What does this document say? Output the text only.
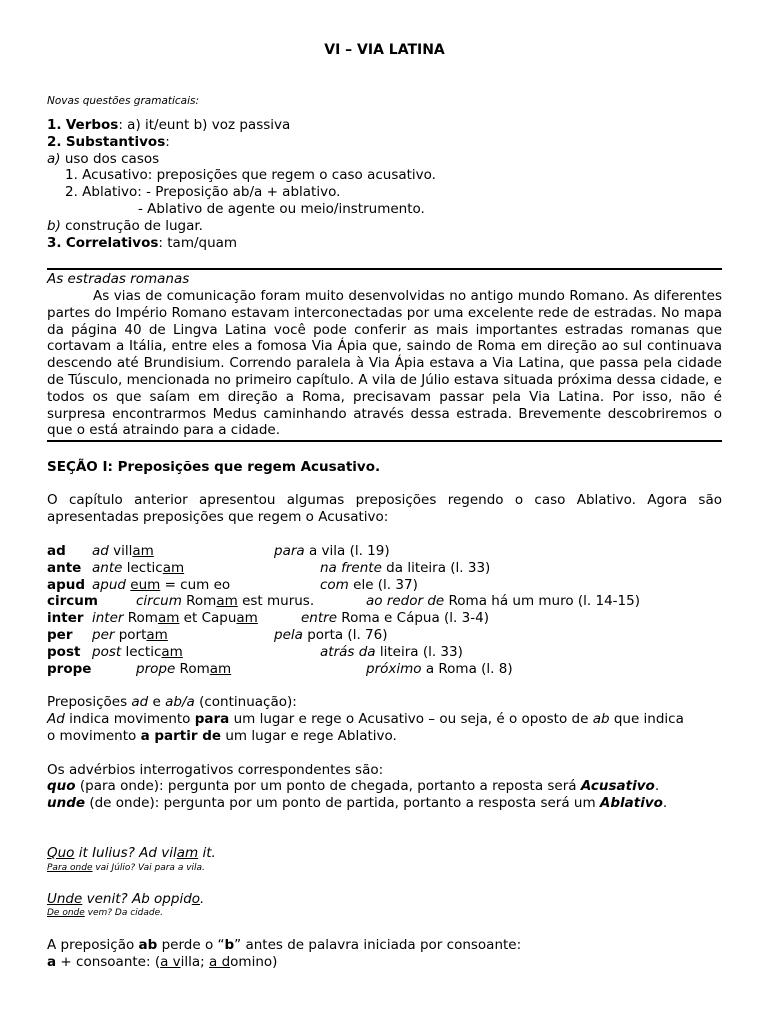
VI – VIA LATINA
Novas questões gramaticais:
1. Verbos: a) it/eunt b) voz passiva
2. Substantivos:
a) uso dos casos
1. Acusativo: preposições que regem o caso acusativo.
2. Ablativo: - Preposição ab/a + ablativo.
- Ablativo de agente ou meio/instrumento.
b) construção de lugar.
3. Correlativos: tam/quam
As estradas romanas
As vias de comunicação foram muito desenvolvidas no antigo mundo Romano. As diferentes partes do Império Romano estavam interconectadas por uma excelente rede de estradas. No mapa da página 40 de Lingva Latina você pode conferir as mais importantes estradas romanas que cortavam a Itália, entre eles a fomosa Via Ápia que, saindo de Roma em direção ao sul continuava descendo até Brundisium. Correndo paralela à Via Ápia estava a Via Latina, que passa pela cidade de Túsculo, mencionada no primeiro capítulo. A vila de Júlio estava situada próxima dessa cidade, e todos os que saíam em direção a Roma, precisavam passar pela Via Latina. Por isso, não é surpresa encontrarmos Medus caminhando através dessa estrada. Brevemente descobriremos o que o está atraindo para a cidade.
SEÇÃO I: Preposições que regem Acusativo.
O capítulo anterior apresentou algumas preposições regendo o caso Ablativo. Agora são apresentadas preposições que regem o Acusativo:
ad ad villam	para a vila (l. 19)
ante ante lecticam	na frente da liteira (l. 33)
apud apud eum = cum eo	com ele (l. 37)
circum	circum Romam est murus.	ao redor de Roma há um muro (l. 14-15)
inter inter Romam et Capuam	entre Roma e Cápua (l. 3-4)
per per portam	pela porta (l. 76)
post post lecticam	atrás da liteira (l. 33)
prope	prope Romam	próximo a Roma (l. 8)
Preposições ad e ab/a (continuação):
Ad indica movimento para um lugar e rege o Acusativo – ou seja, é o oposto de ab que indica
o movimento a partir de um lugar e rege Ablativo.
Os advérbios interrogativos correspondentes são:
quo (para onde): pergunta por um ponto de chegada, portanto a reposta será Acusativo.
unde (de onde): pergunta por um ponto de partida, portanto a resposta será um Ablativo.
Quo it Iulius? Ad vilam it.
Para onde vai Júlio? Vai para a vila.
Unde venit? Ab oppido.
De onde vem? Da cidade.
A preposição ab perde o “b” antes de palavra iniciada por consoante:
a + consoante: (a villa; a domino)
